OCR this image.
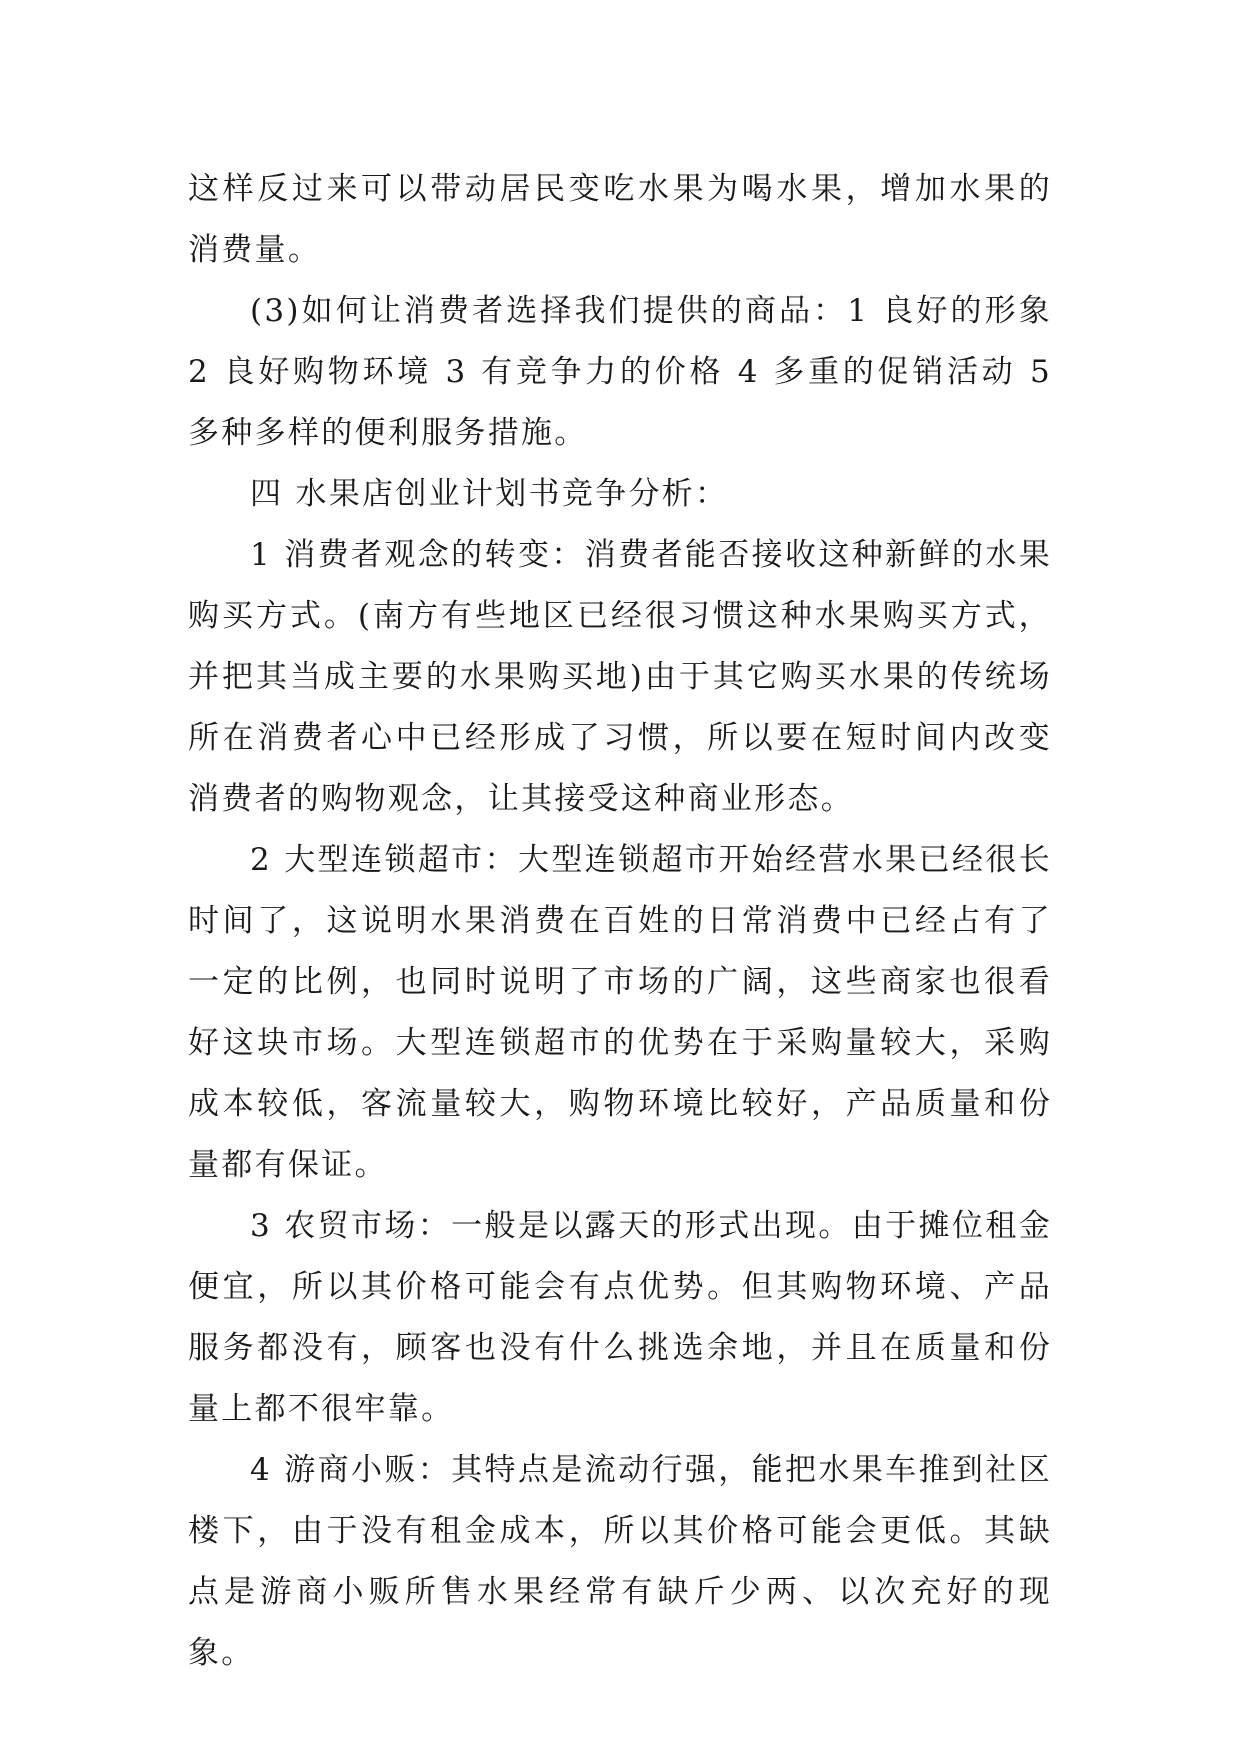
这样反过来可以带动居民变吃水果为喝水果，增加水果的消费量。

(3)如何让消费者选择我们提供的商品：1 良好的形象 2 良好购物环境 3 有竞争力的价格 4 多重的促销活动 5 多种多样的便利服务措施。

四 水果店创业计划书竞争分析：

1 消费者观念的转变：消费者能否接收这种新鲜的水果购买方式。(南方有些地区已经很习惯这种水果购买方式，并把其当成主要的水果购买地)由于其它购买水果的传统场所在消费者心中已经形成了习惯，所以要在短时间内改变消费者的购物观念，让其接受这种商业形态。

2 大型连锁超市：大型连锁超市开始经营水果已经很长时间了，这说明水果消费在百姓的日常消费中已经占有了一定的比例，也同时说明了市场的广阔，这些商家也很看好这块市场。大型连锁超市的优势在于采购量较大，采购成本较低，客流量较大，购物环境比较好，产品质量和份量都有保证。

3 农贸市场：一般是以露天的形式出现。由于摊位租金便宜，所以其价格可能会有点优势。但其购物环境、产品服务都没有，顾客也没有什么挑选余地，并且在质量和份量上都不很牢靠。

4 游商小贩：其特点是流动行强，能把水果车推到社区楼下，由于没有租金成本，所以其价格可能会更低。其缺点是游商小贩所售水果经常有缺斤少两、以次充好的现象。
